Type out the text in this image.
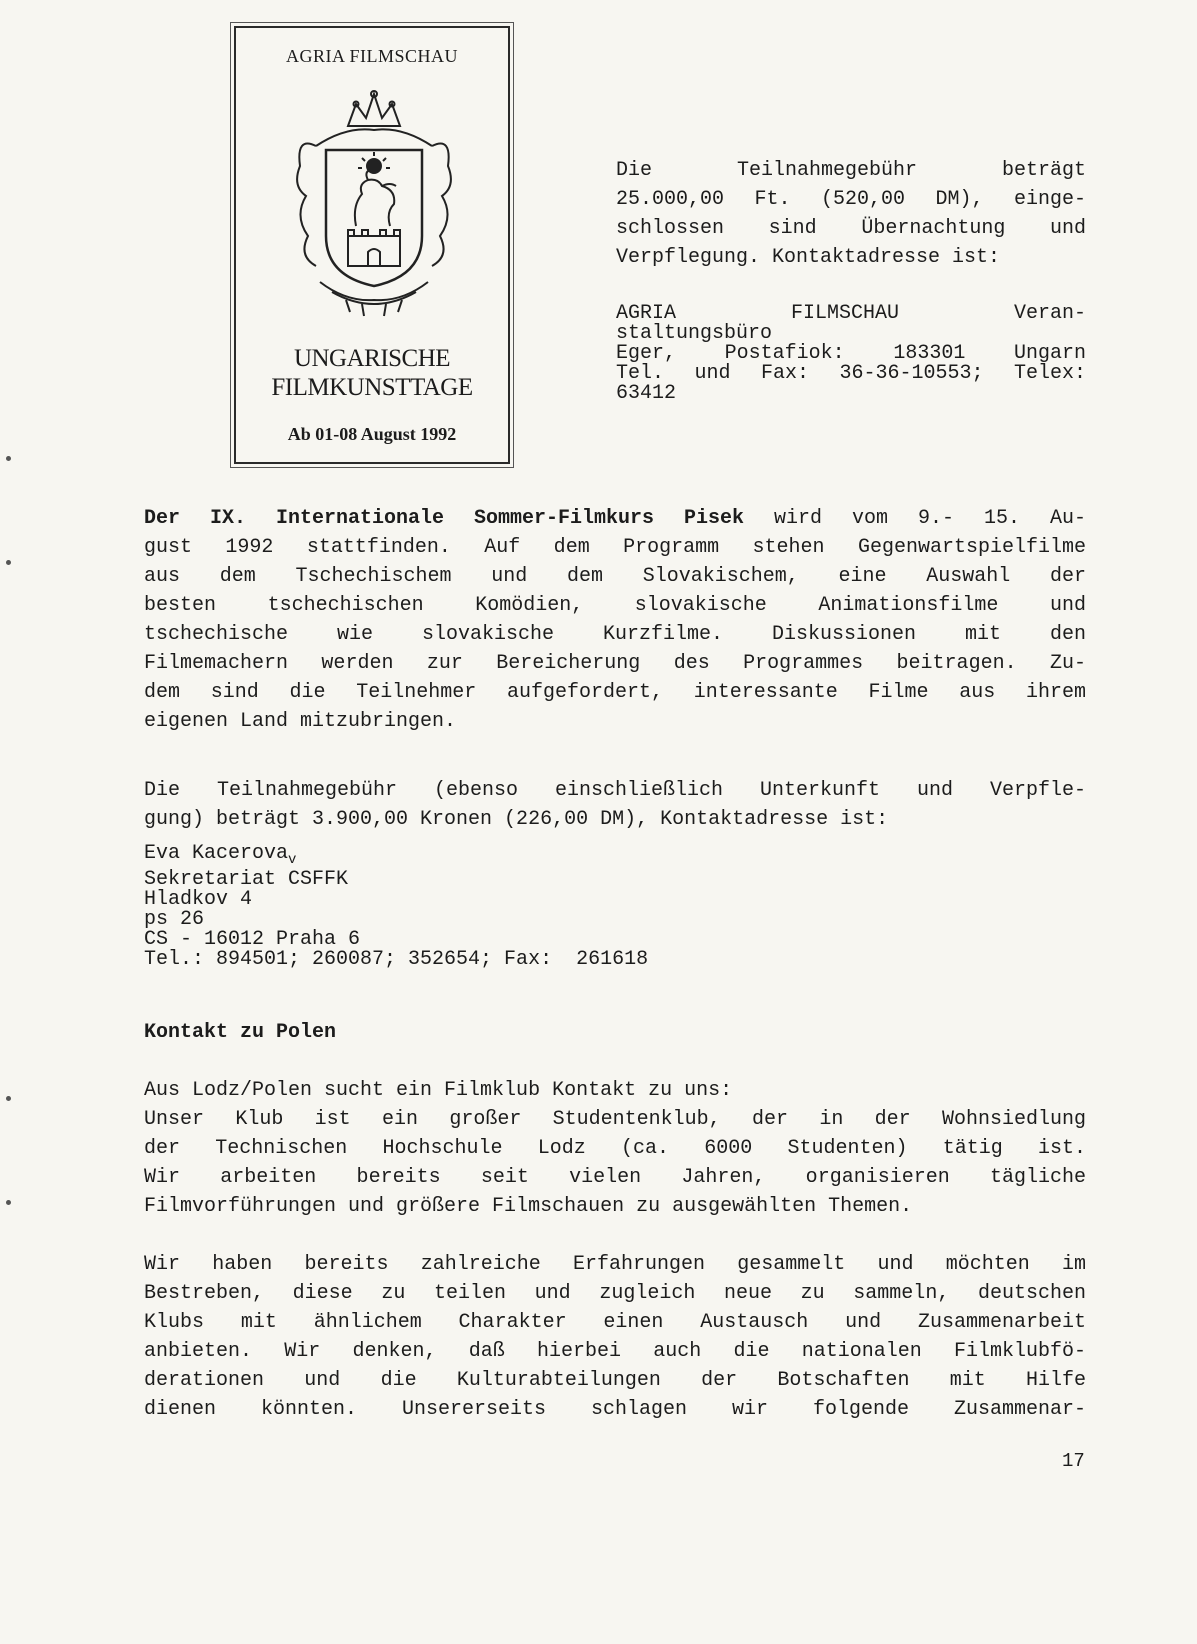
AGRIA FILMSCHAU
UNGARISCHE
FILMKUNSTTAGE
Ab 01-08 August 1992
Die Teilnahmegebühr beträgt
25.000,00 Ft. (520,00 DM), einge-
schlossen sind Übernachtung und
Verpflegung. Kontaktadresse ist:
AGRIA FILMSCHAU Veran-
staltungsbüro
Eger, Postafiok: 183301 Ungarn
Tel. und Fax: 36-36-10553; Telex:
63412
Der IX. Internationale Sommer-Filmkurs Pisek wird vom 9.- 15. Au-
gust 1992 stattfinden. Auf dem Programm stehen Gegenwartspielfilme
aus dem Tschechischem und dem Slovakischem, eine Auswahl der
besten tschechischen Komödien, slovakische Animationsfilme und
tschechische wie slovakische Kurzfilme. Diskussionen mit den
Filmemachern werden zur Bereicherung des Programmes beitragen. Zu-
dem sind die Teilnehmer aufgefordert, interessante Filme aus ihrem
eigenen Land mitzubringen.
Die Teilnahmegebühr (ebenso einschließlich Unterkunft und Verpfle-
gung) beträgt 3.900,00 Kronen (226,00 DM), Kontaktadresse ist:
Eva Kacerova$_v$
Sekretariat CSFFK
Hladkov 4
ps 26
CS - 16012 Praha 6
Tel.: 894501; 260087; 352654; Fax:  261618
Kontakt zu Polen
Aus Lodz/Polen sucht ein Filmklub Kontakt zu uns:
Unser Klub ist ein großer Studentenklub, der in der Wohnsiedlung
der Technischen Hochschule Lodz (ca. 6000 Studenten) tätig ist.
Wir arbeiten bereits seit vielen Jahren, organisieren tägliche
Filmvorführungen und größere Filmschauen zu ausgewählten Themen.
Wir haben bereits zahlreiche Erfahrungen gesammelt und möchten im
Bestreben, diese zu teilen und zugleich neue zu sammeln, deutschen
Klubs mit ähnlichem Charakter einen Austausch und Zusammenarbeit
anbieten. Wir denken, daß hierbei auch die nationalen Filmklubfö-
derationen und die Kulturabteilungen der Botschaften mit Hilfe
dienen könnten. Unsererseits schlagen wir folgende Zusammenar-
17
